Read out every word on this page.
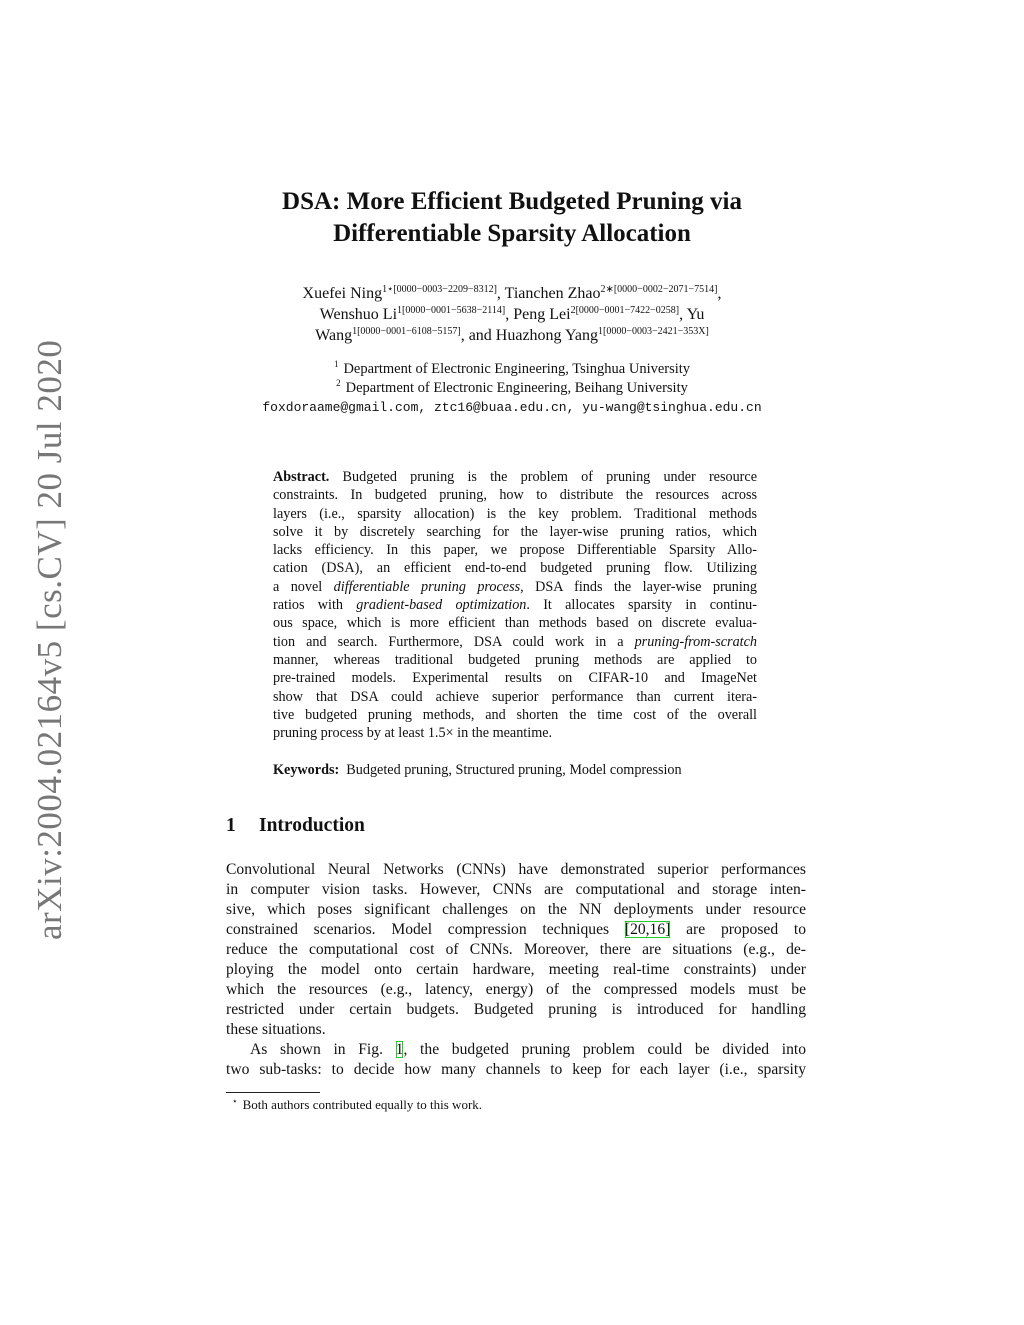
arXiv:2004.02164v5 [cs.CV] 20 Jul 2020
DSA: More Efficient Budgeted Pruning via
Differentiable Sparsity Allocation
Xuefei Ning$^{1⋆[0000-0003-2209-8312]}$, Tianchen Zhao$^{2∗[0000-0002-2071-7514]}$,
Wenshuo $Li^{1[0000-0001-5638-2114]}$, Peng Lei$^{2[0000-0001-7422-0258]}$, Yu
Wang$^{1[0000-0001-6108-5157]}$, and Huazhong Yang$^{1[0000-0003-2421-353X]}$
$^1$ Department of Electronic Engineering, Tsinghua University
$^2$ Department of Electronic Engineering, Beihang University
foxdoraame@gmail.com, ztc16@buaa.edu.cn, yu-wang@tsinghua.edu.cn
Abstract. Budgeted pruning is the problem of pruning under resource
constraints. In budgeted pruning, how to distribute the resources across
layers (i.e., sparsity allocation) is the key problem. Traditional methods
solve it by discretely searching for the layer-wise pruning ratios, which
lacks efficiency. In this paper, we propose Differentiable Sparsity Allo-
cation (DSA), an efficient end-to-end budgeted pruning flow. Utilizing
a novel differentiable pruning process, DSA finds the layer-wise pruning
ratios with gradient-based optimization. It allocates sparsity in continu-
ous space, which is more efficient than methods based on discrete evalua-
tion and search. Furthermore, DSA could work in a pruning-from-scratch
manner, whereas traditional budgeted pruning methods are applied to
pre-trained models. Experimental results on CIFAR-10 and ImageNet
show that DSA could achieve superior performance than current itera-
tive budgeted pruning methods, and shorten the time cost of the overall
pruning process by at least 1.5× in the meantime.
Keywords: Budgeted pruning, Structured pruning, Model compression
1 Introduction
Convolutional Neural Networks (CNNs) have demonstrated superior performances
in computer vision tasks. However, CNNs are computational and storage inten-
sive, which poses significant challenges on the NN deployments under resource
constrained scenarios. Model compression techniques [20,16] are proposed to
reduce the computational cost of CNNs. Moreover, there are situations (e.g., de-
ploying the model onto certain hardware, meeting real-time constraints) under
which the resources (e.g., latency, energy) of the compressed models must be
restricted under certain budgets. Budgeted pruning is introduced for handling
these situations.
As shown in Fig. 1, the budgeted pruning problem could be divided into
two sub-tasks: to decide how many channels to keep for each layer (i.e., sparsity
⋆ Both authors contributed equally to this work.
